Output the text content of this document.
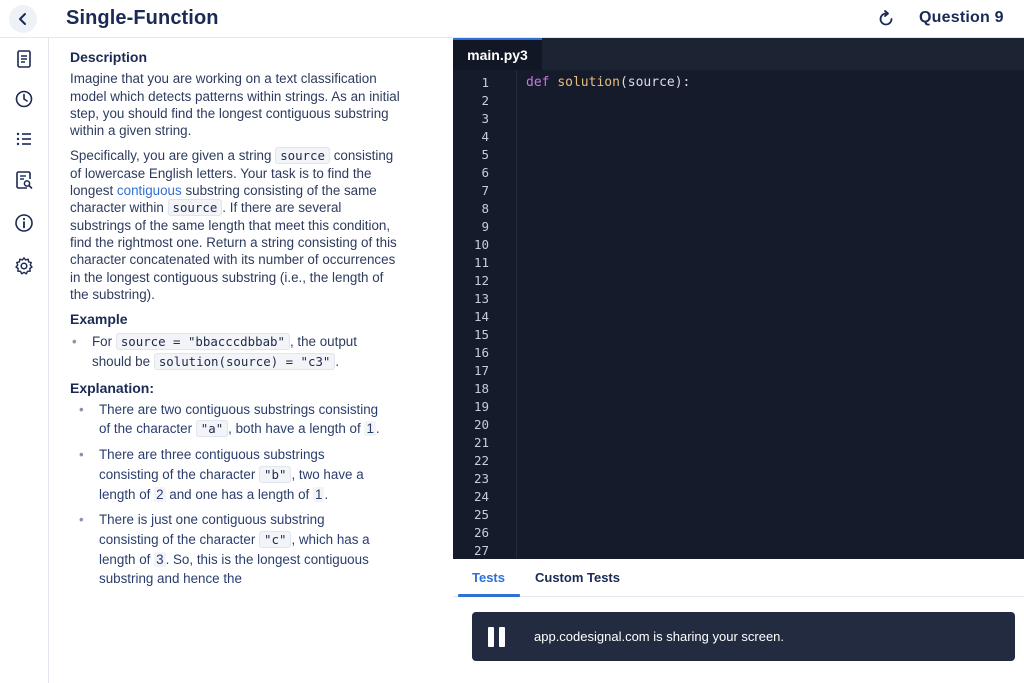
Single-Function	Question 9
Description

Imagine that you are working on a text classification model which detects patterns within strings. As an initial step, you should find the longest contiguous substring within a given string.

Specifically, you are given a string source consisting of lowercase English letters. Your task is to find the longest contiguous substring consisting of the same character within source . If there are several substrings of the same length that meet this condition, find the rightmost one. Return a string consisting of this character concatenated with its number of occurrences in the longest contiguous substring (i.e., the length of the substring).

Example
• For source = "bbacccdbbab" , the output should be solution(source) = "c3" .
Explanation:
• There are two contiguous substrings consisting of the character "a" , both have a length of 1 .
• There are three contiguous substrings consisting of the character "b" , two have a length of 2 and one has a length of 1 .
• There is just one contiguous substring consisting of the character "c" , which has a length of 3 . So, this is the longest contiguous substring and hence the
main.py3
1
2
3
4
5
6
7
8
9
10
11
12
13
14
15
16
17
18
19
20
21
22
23
24
25
26
27
def solution(source):
Tests Custom Tests
app.codesignal.com is sharing your screen.
